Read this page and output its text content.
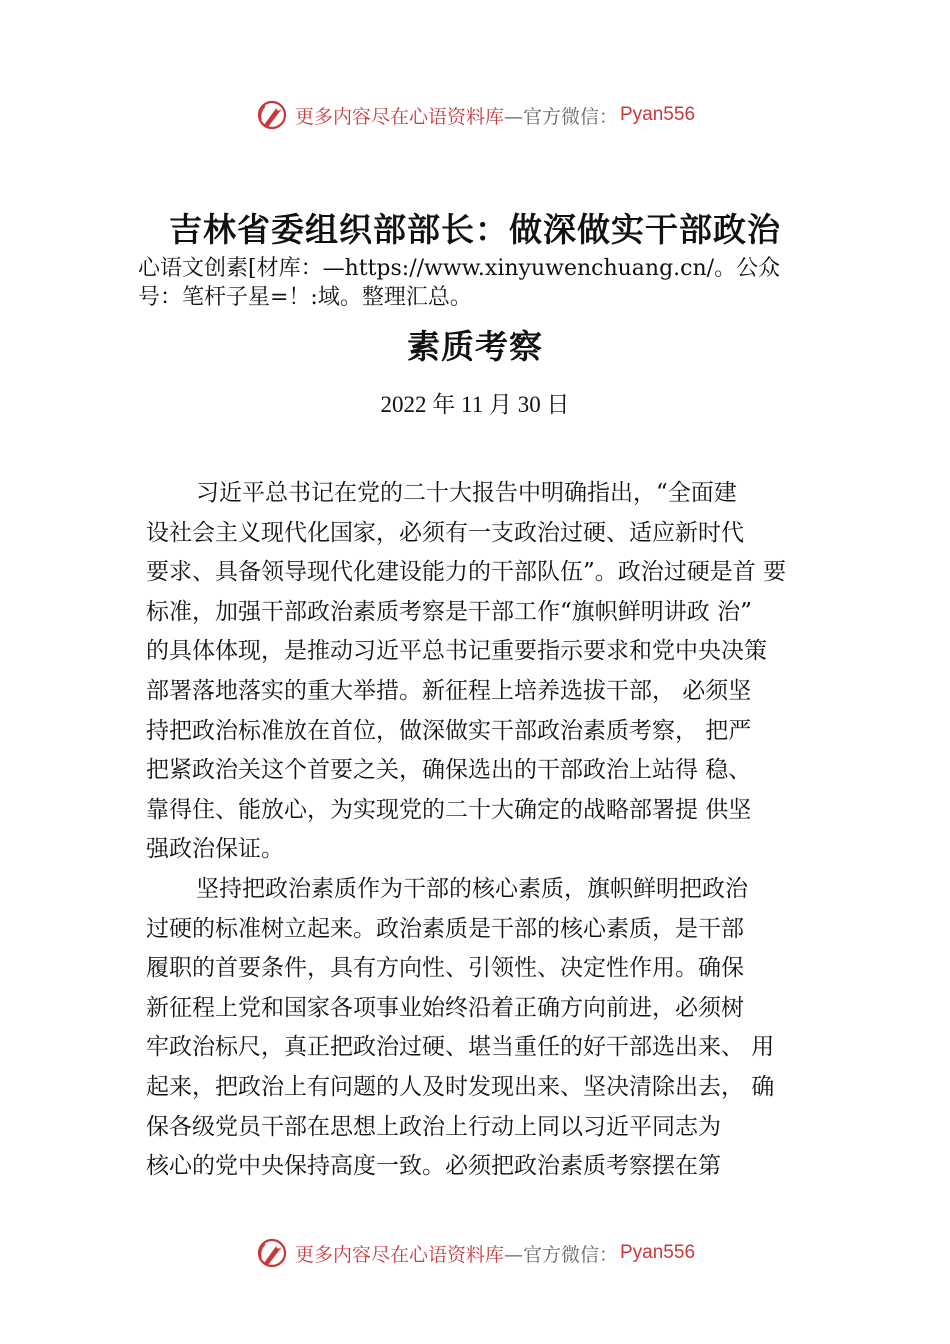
更多内容尽在心语资料库 —官方微信： Pyan556
吉林省委组织部部长：做深做实干部政治
心语文创素[材库：—https://www.xinyuwenchuang.cn/。公众
号：笔杆子星=！:域。整理汇总。
素质考察
2022 年 11 月 30 日
习近平总书记在党的二十大报告中明确指出，“全面建
设社会主义现代化国家，必须有一支政治过硬、适应新时代
要求、具备领导现代化建设能力的干部队伍”。政治过硬是首 要
标准，加强干部政治素质考察是干部工作“旗帜鲜明讲政 治”
的具体体现，是推动习近平总书记重要指示要求和党中央决策
部署落地落实的重大举措。新征程上培养选拔干部， 必须坚
持把政治标准放在首位，做深做实干部政治素质考察， 把严
把紧政治关这个首要之关，确保选出的干部政治上站得 稳、
靠得住、能放心，为实现党的二十大确定的战略部署提 供坚
强政治保证。
坚持把政治素质作为干部的核心素质，旗帜鲜明把政治
过硬的标准树立起来。政治素质是干部的核心素质，是干部
履职的首要条件，具有方向性、引领性、决定性作用。确保
新征程上党和国家各项事业始终沿着正确方向前进，必须树
牢政治标尺，真正把政治过硬、堪当重任的好干部选出来、 用
起来，把政治上有问题的人及时发现出来、坚决清除出去， 确
保各级党员干部在思想上政治上行动上同以习近平同志为
核心的党中央保持高度一致。必须把政治素质考察摆在第
更多内容尽在心语资料库 —官方微信： Pyan556
